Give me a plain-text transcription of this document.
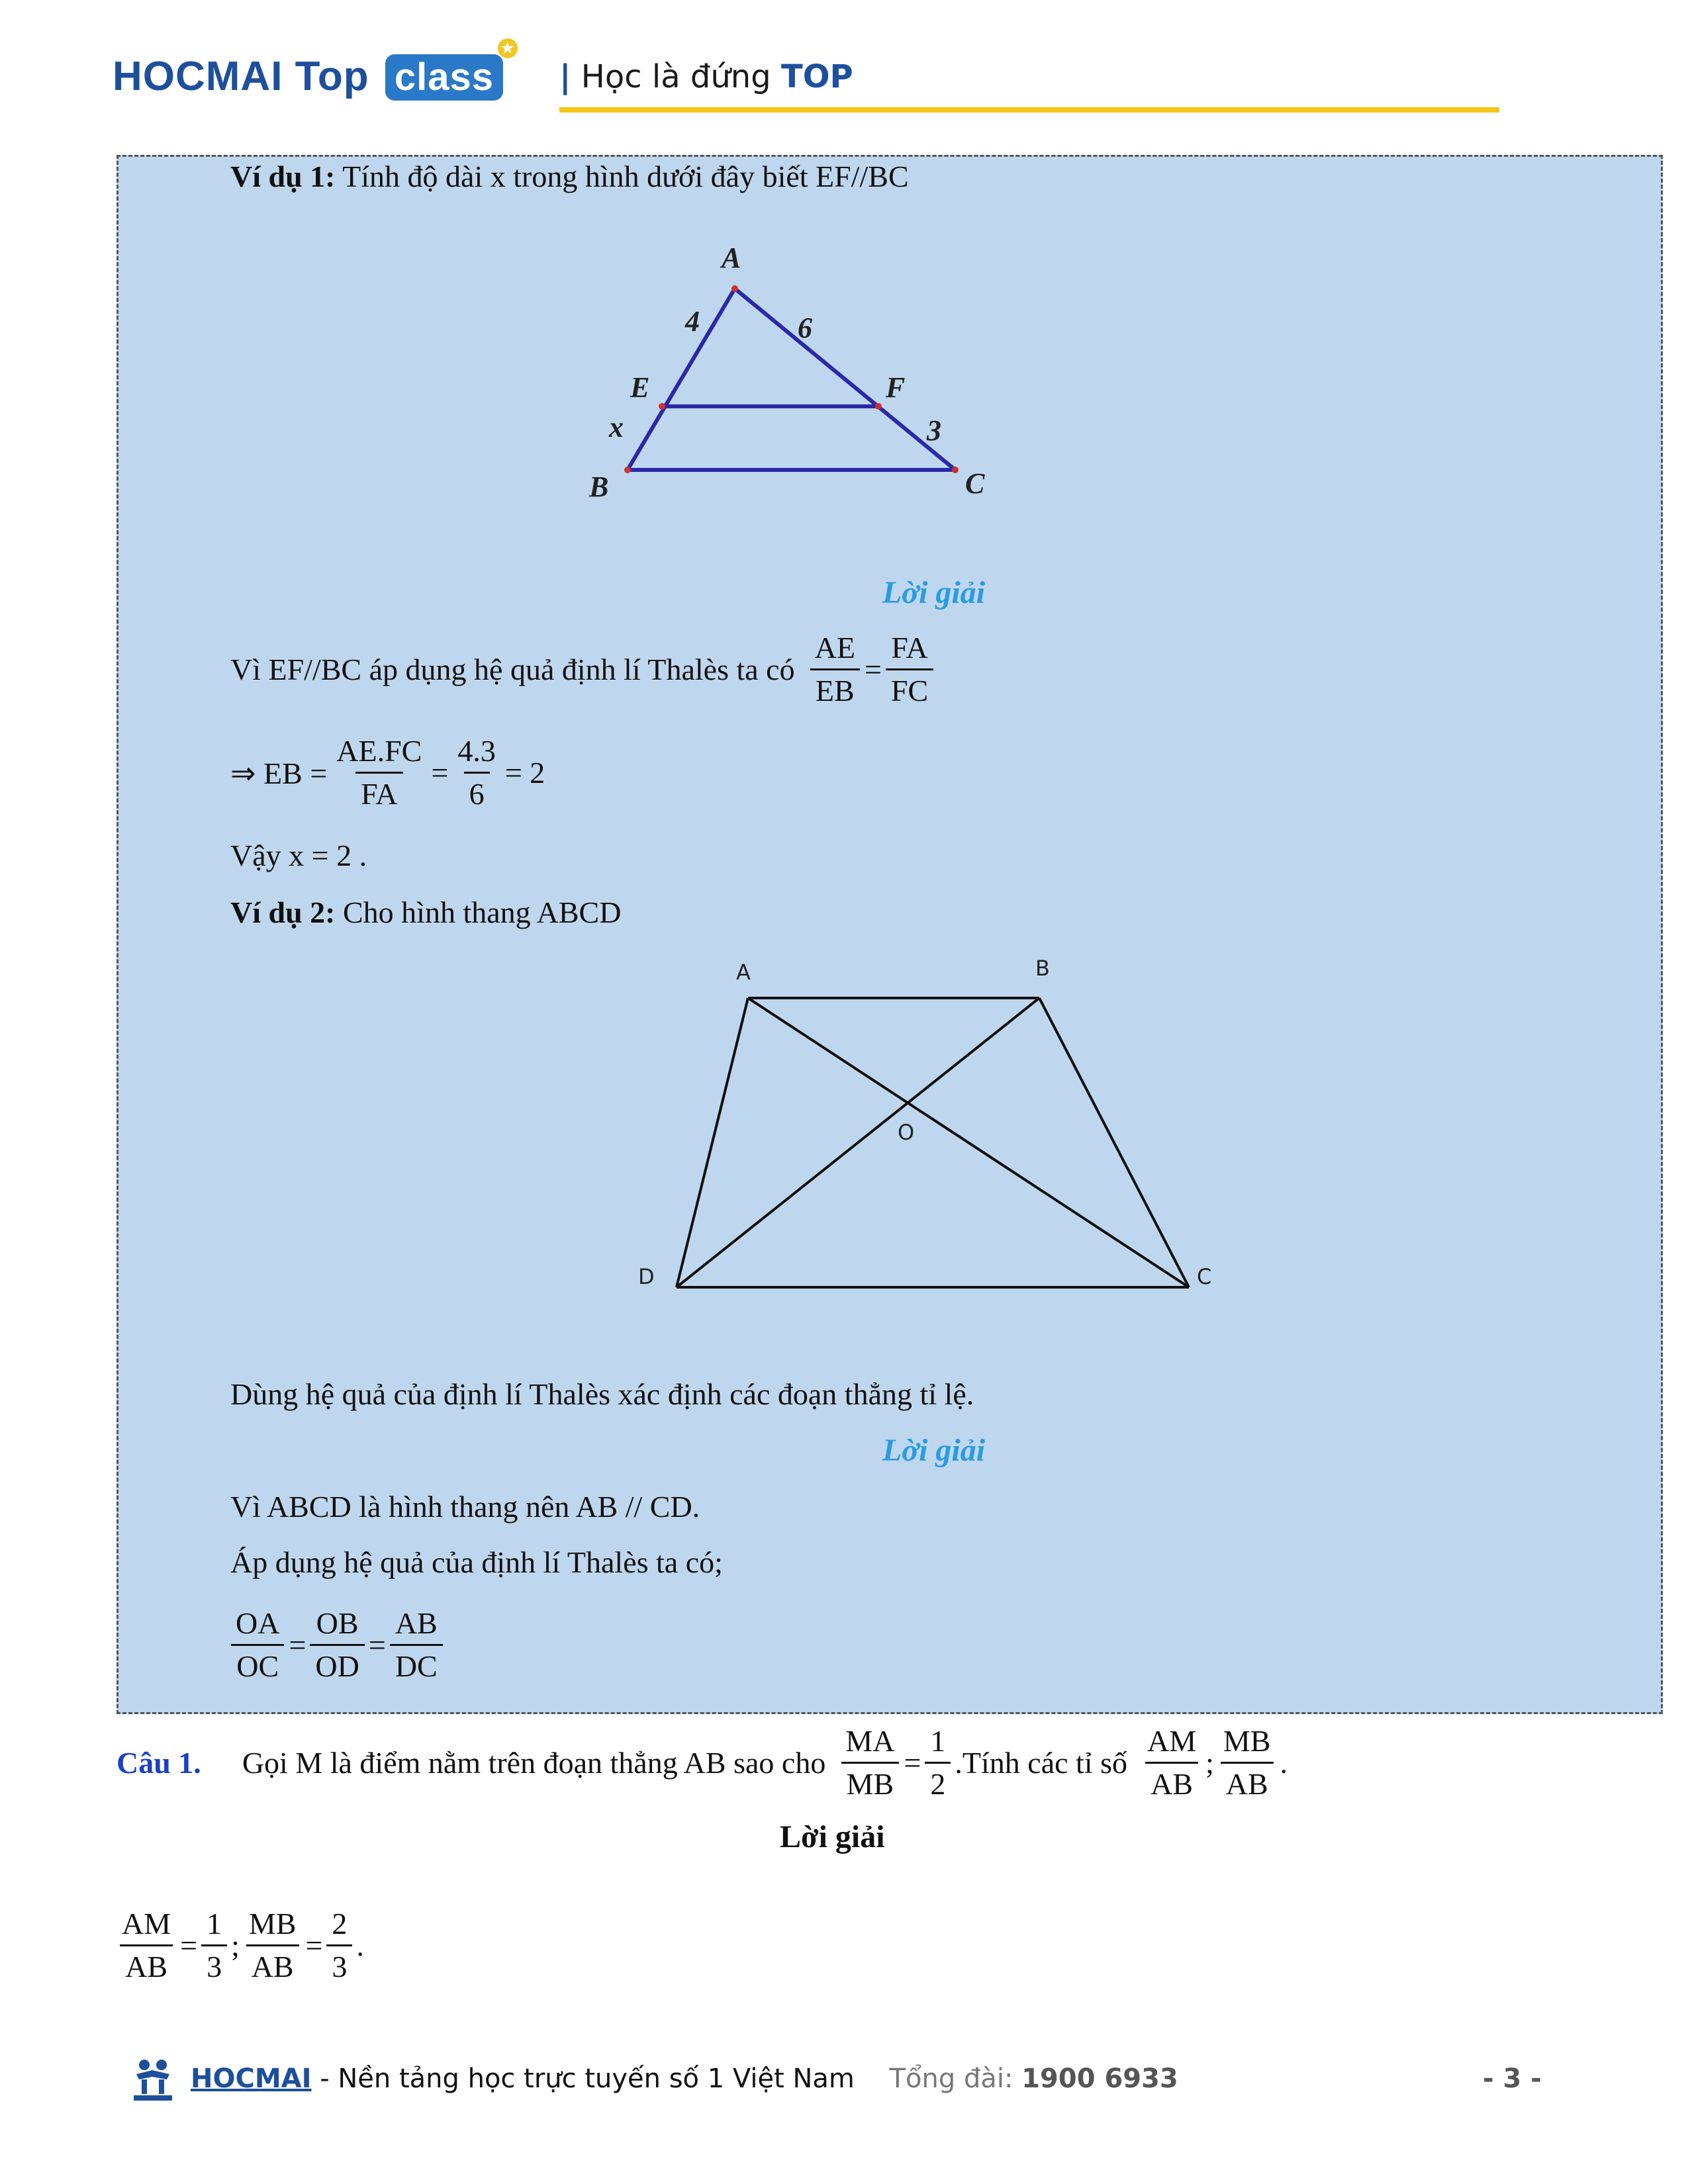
HOCMAI Top class
★
| Học là đứng TOP
Ví dụ 1: Tính độ dài x trong hình dưới đây biết EF//BC
A
4	6
E	F
x	3
B	C
Lời giải
Vì EF//BC áp dụng hệ quả định lí Thalès ta có $\frac{AE}{EB} = \frac{FA}{FC}$
⇒ EB = $\frac{AE.FC}{FA} = \frac{4.3}{6} = 2$
Vậy x = 2 .
Ví dụ 2: Cho hình thang ABCD
A	B
O
D	C
Dùng hệ quả của định lí Thalès xác định các đoạn thẳng tỉ lệ.
Lời giải
Vì ABCD là hình thang nên AB // CD.
Áp dụng hệ quả của định lí Thalès ta có;
$\frac{OA}{OC} = \frac{OB}{OD} = \frac{AB}{DC}$
Câu 1. Gọi M là điểm nằm trên đoạn thẳng AB sao cho $\frac{MA}{MB} = \frac{1}{2}$ .Tính các tỉ số $\frac{AM}{AB}$ ; $\frac{MB}{AB}$ .
Lời giải
$\frac{AM}{AB} = \frac{1}{3}$ ; $\frac{MB}{AB} = \frac{2}{3}$ .
HOCMAI - Nền tảng học trực tuyến số 1 Việt Nam Tổng đài: 1900 6933	- 3 -
